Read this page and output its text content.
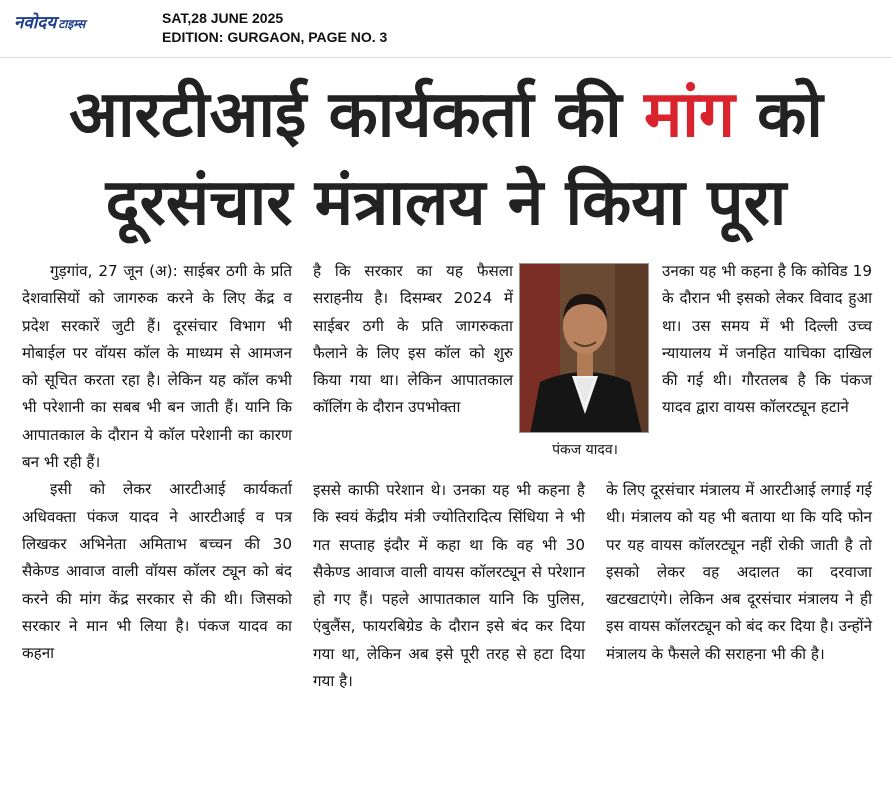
नवोदय टाइम्स	SAT,28 JUNE 2025
EDITION: GURGAON, PAGE NO. 3
आरटीआई कार्यकर्ता की मांग को
दूरसंचार मंत्रालय ने किया पूरा

गुड़गांव, 27 जून (अ): साईबर ठगी के प्रति देशवासियों को जागरुक करने के लिए केंद्र व प्रदेश सरकारें जुटी हैं। दूरसंचार विभाग भी मोबाईल पर वॉयस कॉल के माध्यम से आमजन को सूचित करता रहा है। लेकिन यह कॉल कभी भी परेशानी का सबब भी बन जाती हैं। यानि कि आपातकाल के दौरान ये कॉल परेशानी का कारण बन भी रही हैं।

इसी को लेकर आरटीआई कार्यकर्ता अधिवक्ता पंकज यादव ने आरटीआई व पत्र लिखकर अभिनेता अमिताभ बच्चन की 30 सैकेण्ड आवाज वाली वॉयस कॉलर ट्यून को बंद करने की मांग केंद्र सरकार से की थी। जिसको सरकार ने मान भी लिया है। पंकज यादव का कहना

है कि सरकार का यह फैसला सराहनीय है। दिसम्बर 2024 में साईबर ठगी के प्रति जागरुकता फैलाने के लिए इस कॉल को शुरु किया गया था। लेकिन आपातकाल कॉलिंग के दौरान उपभोक्ता

इससे काफी परेशान थे। उनका यह भी कहना है कि स्वयं केंद्रीय मंत्री ज्योतिरादित्य सिंधिया ने भी गत सप्ताह इंदौर में कहा था कि वह भी 30 सैकेण्ड आवाज वाली वायस कॉलरट्यून से परेशान हो गए हैं। पहले आपातकाल यानि कि पुलिस, एंबुलैंस, फायरबिग्रेड के दौरान इसे बंद कर दिया गया था, लेकिन अब इसे पूरी तरह से हटा दिया गया है।

पंकज यादव।

उनका यह भी कहना है कि कोविड 19 के दौरान भी इसको लेकर विवाद हुआ था। उस समय में भी दिल्ली उच्च न्यायालय में जनहित याचिका दाखिल की गई थी। गौरतलब है कि पंकज यादव द्वारा वायस कॉलरट्यून हटाने

के लिए दूरसंचार मंत्रालय में आरटीआई लगाई गई थी। मंत्रालय को यह भी बताया था कि यदि फोन पर यह वायस कॉलरट्यून नहीं रोकी जाती है तो इसको लेकर वह अदालत का दरवाजा खटखटाएंगे। लेकिन अब दूरसंचार मंत्रालय ने ही इस वायस कॉलरट्यून को बंद कर दिया है। उन्होंने मंत्रालय के फैसले की सराहना भी की है।
